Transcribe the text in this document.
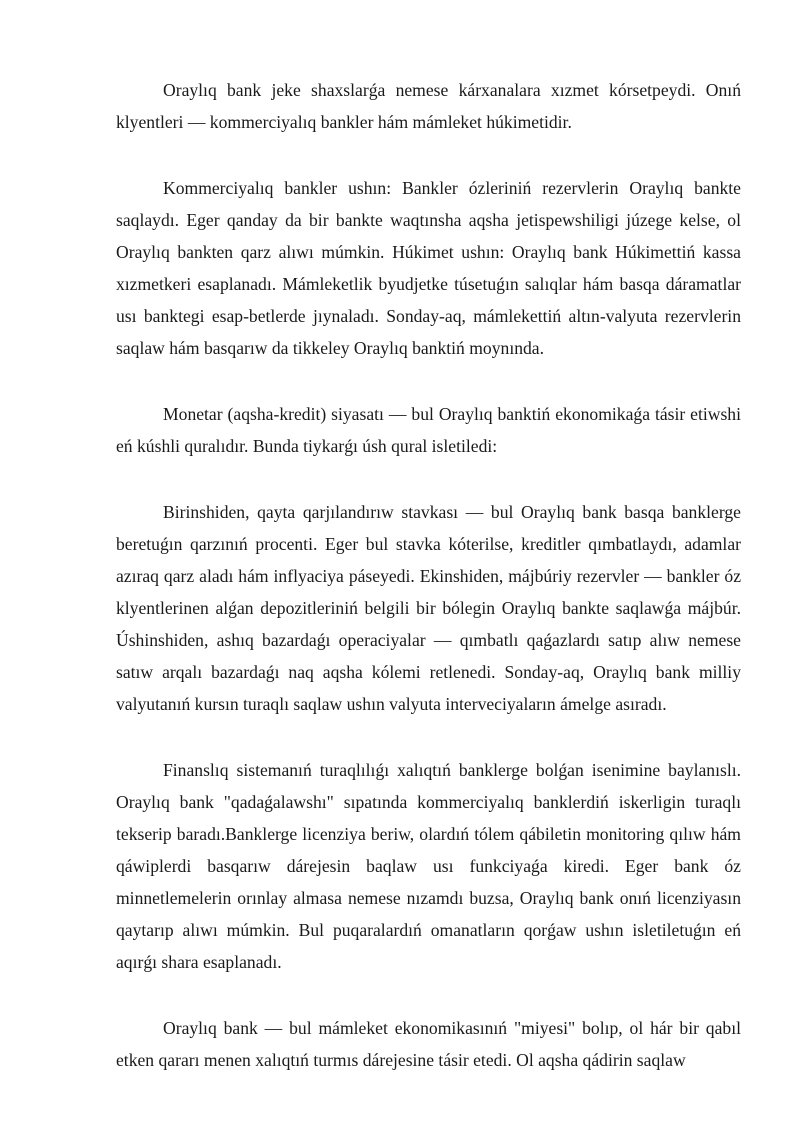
Oraylıq bank jeke shaxslarǵa nemese kárxanalara xızmet kórsetpeydi. Onıń klyentleri — kommerciyalıq bankler hám mámleket húkimetidir.

Kommerciyalıq bankler ushın: Bankler ózleriniń rezervlerin Oraylıq bankte saqlaydı. Eger qanday da bir bankte waqtınsha aqsha jetispewshiligi júzege kelse, ol Oraylıq bankten qarz alıwı múmkin. Húkimet ushın: Oraylıq bank Húkimettiń kassa xızmetkeri esaplanadı. Mámleketlik byudjetke túsetuǵın salıqlar hám basqa dáramatlar usı banktegi esap-betlerde jıynaladı. Sonday-aq, mámlekettiń altın-valyuta rezervlerin saqlaw hám basqarıw da tikkeley Oraylıq banktiń moynında.

Monetar (aqsha-kredit) siyasatı — bul Oraylıq banktiń ekonomikaǵa tásir etiwshi eń kúshli quralıdır. Bunda tiykarǵı úsh qural isletiledi:

Birinshiden, qayta qarjılandırıw stavkası — bul Oraylıq bank basqa banklerge beretuǵın qarzınıń procenti. Eger bul stavka kóterilse, kreditler qımbatlaydı, adamlar azıraq qarz aladı hám inflyaciya páseyedi. Ekinshiden, májbúriy rezervler — bankler óz klyentlerinen alǵan depozitleriniń belgili bir bólegin Oraylıq bankte saqlawǵa májbúr. Úshinshiden, ashıq bazardaǵı operaciyalar — qımbatlı qaǵazlardı satıp alıw nemese satıw arqalı bazardaǵı naq aqsha kólemi retlenedi. Sonday-aq, Oraylıq bank milliy valyutanıń kursın turaqlı saqlaw ushın valyuta interveciyaların ámelge asıradı.

Finanslıq sistemanıń turaqlılıǵı xalıqtıń banklerge bolǵan isenimine baylanıslı. Oraylıq bank "qadaǵalawshı" sıpatında kommerciyalıq banklerdiń iskerligin turaqlı tekserip baradı.Banklerge licenziya beriw, olardıń tólem qábiletin monitoring qılıw hám qáwiplerdi basqarıw dárejesin baqlaw usı funkciyaǵa kiredi. Eger bank óz minnetlemelerin orınlay almasa nemese nızamdı buzsa, Oraylıq bank onıń licenziyasın qaytarıp alıwı múmkin. Bul puqaralardıń omanatların qorǵaw ushın isletiletuǵın eń aqırǵı shara esaplanadı.

Oraylıq bank — bul mámleket ekonomikasınıń "miyesi" bolıp, ol hár bir qabıl etken qararı menen xalıqtıń turmıs dárejesine tásir etedi. Ol aqsha qádirin saqlaw
